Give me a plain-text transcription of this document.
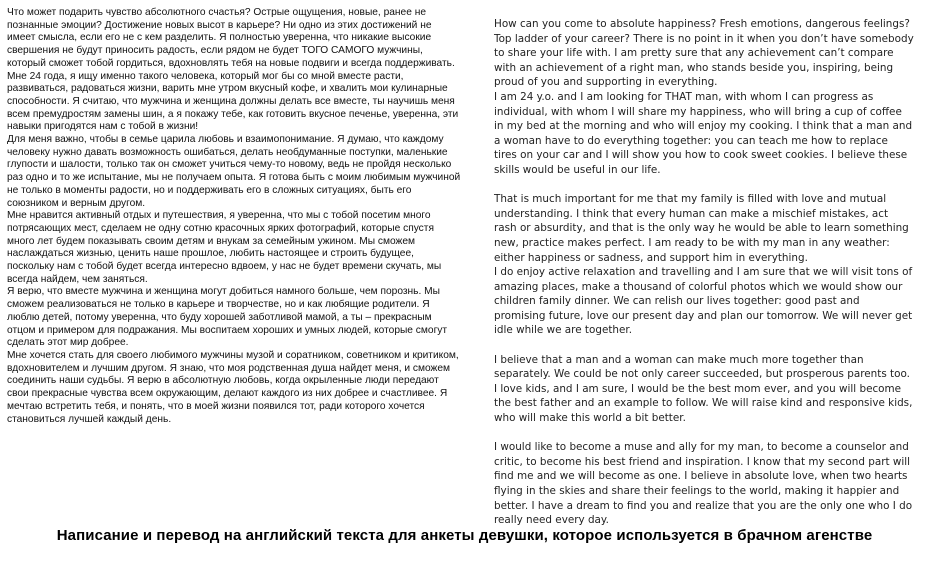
Что может подарить чувство абсолютного счастья? Острые ощущения, новые, ранее не познанные эмоции? Достижение новых высот в карьере? Ни одно из этих достижений не имеет смысла, если его не с кем разделить. Я полностью уверенна, что никакие высокие свершения не будут приносить радость, если рядом не будет ТОГО САМОГО мужчины, который сможет тобой гордиться, вдохновлять тебя на новые подвиги и всегда поддерживать.

Мне 24 года, я ищу именно такого человека, который мог бы со мной вместе расти, развиваться, радоваться жизни, варить мне утром вкусный кофе, и хвалить мои кулинарные способности. Я считаю, что мужчина и женщина должны делать все вместе, ты научишь меня всем премудростям замены шин, а я покажу тебе, как готовить вкусное печенье, уверенна, эти навыки пригодятся нам с тобой в жизни!

Для меня важно, чтобы в семье царила любовь и взаимопонимание. Я думаю, что каждому человеку нужно давать возможность ошибаться, делать необдуманные поступки, маленькие глупости и шалости, только так он сможет учиться чему-то новому, ведь не пройдя несколько раз одно и то же испытание, мы не получаем опыта. Я готова быть с моим любимым мужчиной не только в моменты радости, но и поддерживать его в сложных ситуациях, быть его союзником и верным другом.

Мне нравится активный отдых и путешествия, я уверенна, что мы с тобой посетим много потрясающих мест, сделаем не одну сотню красочных ярких фотографий, которые спустя много лет будем показывать своим детям и внукам за семейным ужином. Мы сможем наслаждаться жизнью, ценить наше прошлое, любить настоящее и строить будущее, поскольку нам с тобой будет всегда интересно вдвоем, у нас не будет времени скучать, мы всегда найдем, чем заняться.

Я верю, что вместе мужчина и женщина могут добиться намного больше, чем порознь. Мы сможем реализоваться не только в карьере и творчестве, но и как любящие родители. Я люблю детей, потому уверенна, что буду хорошей заботливой мамой, а ты – прекрасным отцом и примером для подражания. Мы воспитаем хороших и умных людей, которые смогут сделать этот мир добрее.

Мне хочется стать для своего любимого мужчины музой и соратником, советником и критиком, вдохновителем и лучшим другом. Я знаю, что моя родственная душа найдет меня, и сможем соединить наши судьбы. Я верю в абсолютную любовь, когда окрыленные люди передают свои прекрасные чувства всем окружающим, делают каждого из них добрее и счастливее. Я мечтаю встретить тебя, и понять, что в моей жизни появился тот, ради которого хочется становиться лучшей каждый день.

How can you come to absolute happiness? Fresh emotions, dangerous feelings? Top ladder of your career? There is no point in it when you don’t have somebody to share your life with. I am pretty sure that any achievement can’t compare with an achievement of a right man, who stands beside you, inspiring, being proud of you and supporting in everything.

I am 24 y.o. and I am looking for THAT man, with whom I can progress as individual, with whom I will share my happiness, who will bring a cup of coffee in my bed at the morning and who will enjoy my cooking. I think that a man and a woman have to do everything together: you can teach me how to replace tires on your car and I will show you how to cook sweet cookies. I believe these skills would be useful in our life.

That is much important for me that my family is filled with love and mutual understanding. I think that every human can make a mischief mistakes, act rash or absurdity, and that is the only way he would be able to learn something new, practice makes perfect. I am ready to be with my man in any weather: either happiness or sadness, and support him in everything.

I do enjoy active relaxation and travelling and I am sure that we will visit tons of amazing places, make a thousand of colorful photos which we would show our children family dinner. We can relish our lives together: good past and promising future, love our present day and plan our tomorrow. We will never get idle while we are together.

I believe that a man and a woman can make much more together than separately. We could be not only career succeeded, but prosperous parents too. I love kids, and I am sure, I would be the best mom ever, and you will become the best father and an example to follow. We will raise kind and responsive kids, who will make this world a bit better.

I would like to become a muse and ally for my man, to become a counselor and critic, to become his best friend and inspiration. I know that my second part will find me and we will become as one. I believe in absolute love, when two hearts flying in the skies and share their feelings to the world, making it happier and better. I have a dream to find you and realize that you are the only one who I do really need every day.

Написание и перевод на английский текста для анкеты девушки, которое используется в брачном агенстве
